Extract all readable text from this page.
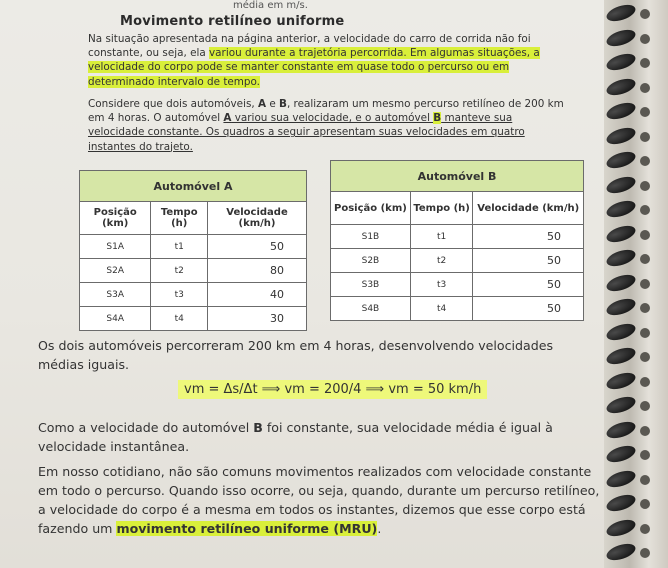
média em m/s.
Movimento retilíneo uniforme
Na situação apresentada na página anterior, a velocidade do carro de corrida não foi constante, ou seja, ela variou durante a trajetória percorrida. Em algumas situações, a velocidade do corpo pode se manter constante em quase todo o percurso ou em determinado intervalo de tempo.
Considere que dois automóveis, A e B, realizaram um mesmo percurso retilíneo de 200 km em 4 horas. O automóvel A variou sua velocidade, e o automóvel B manteve sua velocidade constante. Os quadros a seguir apresentam suas velocidades em quatro instantes do trajeto.
Automóvel A		
Posição (km)	Tempo (h)	Velocidade (km/h)
S1A	t1	50
S2A	t2	80
S3A	t3	40
S4A	t4	30
Automóvel B		
Posição (km)	Tempo (h)	Velocidade (km/h)
S1B	t1	50
S2B	t2	50
S3B	t3	50
S4B	t4	50
Os dois automóveis percorreram 200 km em 4 horas, desenvolvendo velocidades médias iguais.
vm = Δs/Δt ⟹ vm = 200/4 ⟹ vm = 50 km/h
Como a velocidade do automóvel B foi constante, sua velocidade média é igual à velocidade instantânea.
Em nosso cotidiano, não são comuns movimentos realizados com velocidade constante em todo o percurso. Quando isso ocorre, ou seja, quando, durante um percurso retilíneo, a velocidade do corpo é a mesma em todos os instantes, dizemos que esse corpo está fazendo um movimento retilíneo uniforme (MRU).
